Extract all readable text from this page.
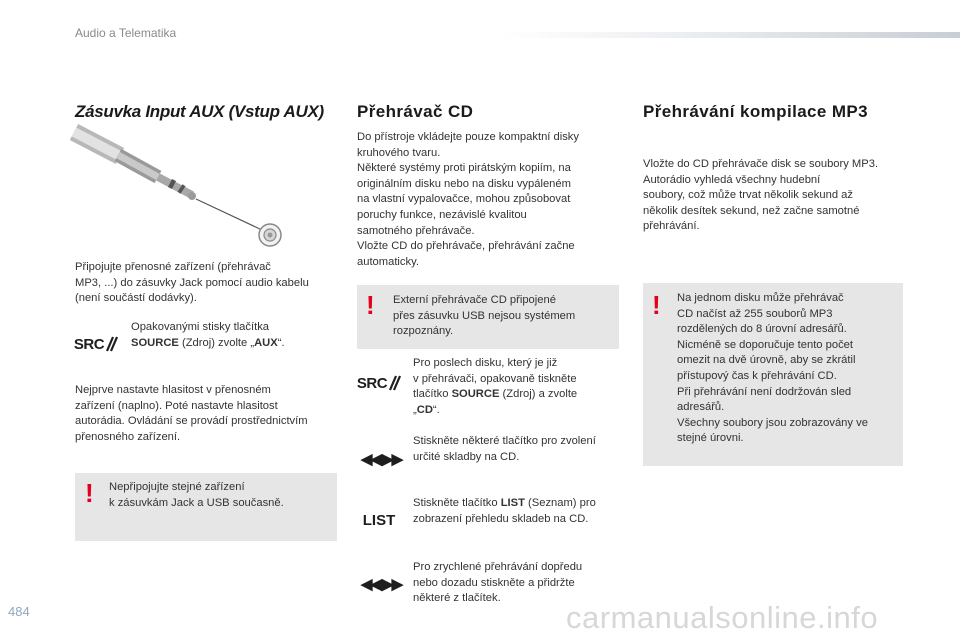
Audio a Telematika
Zásuvka Input AUX (Vstup AUX)
Připojujte přenosné zařízení (přehrávač
MP3, ...) do zásuvky Jack pomocí audio kabelu
(není součástí dodávky).
SRC
Opakovanými stisky tlačítka
SOURCE (Zdroj) zvolte „AUX“.
Nejprve nastavte hlasitost v přenosném
zařízení (naplno). Poté nastavte hlasitost
autorádia. Ovládání se provádí prostřednictvím
přenosného zařízení.
! Nepřipojujte stejné zařízení
k zásuvkám Jack a USB současně.
Přehrávač CD
Do přístroje vkládejte pouze kompaktní disky
kruhového tvaru.
Některé systémy proti pirátským kopiím, na
originálním disku nebo na disku vypáleném
na vlastní vypalovačce, mohou způsobovat
poruchy funkce, nezávislé kvalitou
samotného přehrávače.
Vložte CD do přehrávače, přehrávání začne
automaticky.
! Externí přehrávače CD připojené
přes zásuvku USB nejsou systémem
rozpoznány.
SRC
Pro poslech disku, který je již
v přehrávači, opakovaně tiskněte
tlačítko SOURCE (Zdroj) a zvolte
„CD“.
◀◀ ▶▶
Stiskněte některé tlačítko pro zvolení
určité skladby na CD.
LIST
Stiskněte tlačítko LIST (Seznam) pro
zobrazení přehledu skladeb na CD.
◀◀ ▶▶
Pro zrychlené přehrávání dopředu
nebo dozadu stiskněte a přidržte
některé z tlačítek.
Přehrávání kompilace MP3
Vložte do CD přehrávače disk se soubory MP3.
Autorádio vyhledá všechny hudební
soubory, což může trvat několik sekund až
několik desítek sekund, než začne samotné
přehrávání.
! Na jednom disku může přehrávač
CD načíst až 255 souborů MP3
rozdělených do 8 úrovní adresářů.
Nicméně se doporučuje tento počet
omezit na dvě úrovně, aby se zkrátil
přístupový čas k přehrávání CD.
Při přehrávání není dodržován sled
adresářů.
Všechny soubory jsou zobrazovány ve
stejné úrovni.
484	carmanualsonline.info
